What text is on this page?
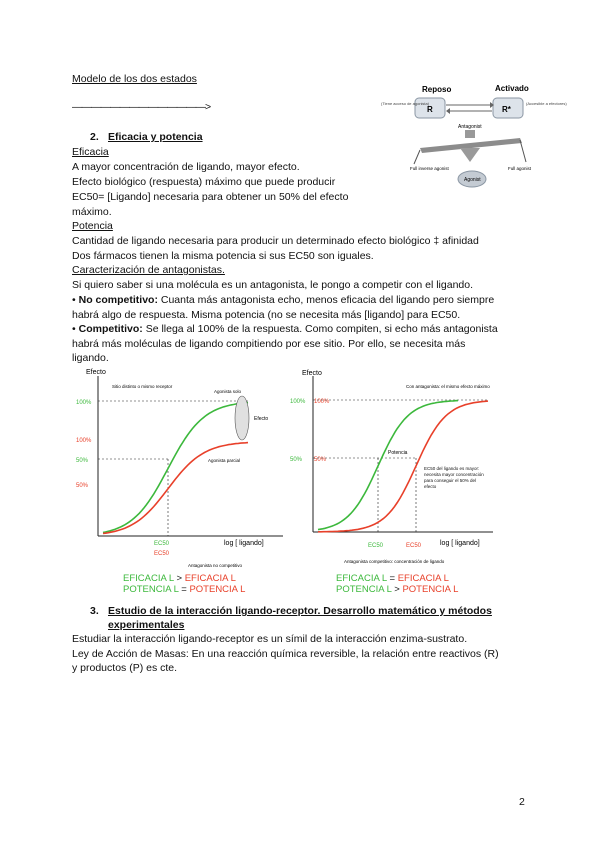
Modelo de los dos estados
——————————————>
2. Eficacia y potencia
Eficacia
A mayor concentración de ligando, mayor efecto.
Efecto biológico (respuesta) máximo que puede producir
EC50= [Ligando] necesaria para obtener un 50% del efecto
máximo.
Potencia
Cantidad de ligando necesaria para producir un determinado efecto biológico ‡ afinidad
Dos fármacos tienen la misma potencia si sus EC50 son iguales.
Caracterización de antagonistas.
Si quiero saber si una molécula es un antagonista, le pongo a competir con el ligando.
• No competitivo: Cuanta más antagonista echo, menos eficacia del ligando pero siempre
habrá algo de respuesta. Misma potencia (no se necesita más [ligando] para EC50.
• Competitivo: Se llega al 100% de la respuesta. Como compiten, si echo más antagonista
habrá más moléculas de ligando compitiendo por ese sitio. Por ello, se necesita más
ligando.
Reposo	Activado
R	R*
(Tiene acceso de agonista)	(Accesible a efectores)
Antagonist
Full inverse agonist	Full agonist
Agonist
Efecto
log [ ligando]
100%
100%
50%
50%
Efecto
Sitio distinto o mismo receptor
Agonista solo
Agonista parcial
EC50
EC50
Antagonista no competitivo
Efecto
log [ ligando]
100% 100%
50% 50%
Con antagonista: el mismo efecto máximo
Potencia
EC50 del ligando es mayor: necesita mayor concentración para conseguir el 50% del efecto
EC50	EC50
Antagonista competitivo: concentración de ligando
EFICACIA L > EFICACIA L
POTENCIA L = POTENCIA L
EFICACIA L = EFICACIA L
POTENCIA L > POTENCIA L
3. Estudio de la interacción ligando-receptor. Desarrollo matemático y métodos
experimentales
Estudiar la interacción ligando-receptor es un símil de la interacción enzima-sustrato.
Ley de Acción de Masas: En una reacción química reversible, la relación entre reactivos (R)
y productos (P) es cte.
2
